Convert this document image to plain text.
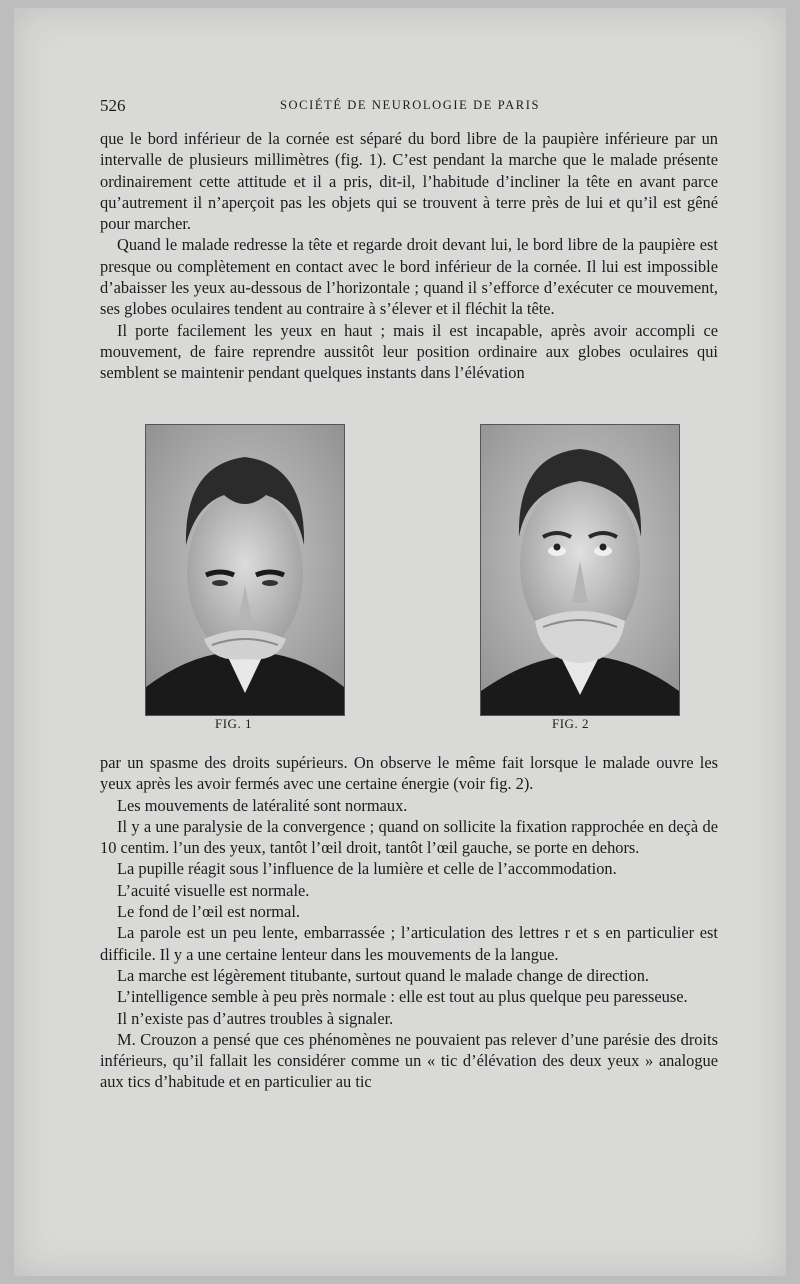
526	SOCIÉTÉ DE NEUROLOGIE DE PARIS

que le bord inférieur de la cornée est séparé du bord libre de la paupière inférieure par un intervalle de plusieurs millimètres (fig. 1). C’est pendant la marche que le malade présente ordinairement cette attitude et il a pris, dit-il, l’habitude d’incliner la tête en avant parce qu’autrement il n’aperçoit pas les objets qui se trouvent à terre près de lui et qu’il est gêné pour marcher.

Quand le malade redresse la tête et regarde droit devant lui, le bord libre de la paupière est presque ou complètement en contact avec le bord inférieur de la cornée. Il lui est impossible d’abaisser les yeux au-dessous de l’horizontale ; quand il s’efforce d’exécuter ce mouvement, ses globes oculaires tendent au contraire à s’élever et il fléchit la tête.

Il porte facilement les yeux en haut ; mais il est incapable, après avoir accompli ce mouvement, de faire reprendre aussitôt leur position ordinaire aux globes oculaires qui semblent se maintenir pendant quelques instants dans l’élévation

FIG. 1	FIG. 2

par un spasme des droits supérieurs. On observe le même fait lorsque le malade ouvre les yeux après les avoir fermés avec une certaine énergie (voir fig. 2).

Les mouvements de latéralité sont normaux.

Il y a une paralysie de la convergence ; quand on sollicite la fixation rapprochée en deçà de 10 centim. l’un des yeux, tantôt l’œil droit, tantôt l’œil gauche, se porte en dehors.

La pupille réagit sous l’influence de la lumière et celle de l’accommodation.

L’acuité visuelle est normale.

Le fond de l’œil est normal.

La parole est un peu lente, embarrassée ; l’articulation des lettres r et s en particulier est difficile. Il y a une certaine lenteur dans les mouvements de la langue.

La marche est légèrement titubante, surtout quand le malade change de direction.

L’intelligence semble à peu près normale : elle est tout au plus quelque peu paresseuse.

Il n’existe pas d’autres troubles à signaler.

M. Crouzon a pensé que ces phénomènes ne pouvaient pas relever d’une parésie des droits inférieurs, qu’il fallait les considérer comme un « tic d’élévation des deux yeux » analogue aux tics d’habitude et en particulier au tic
